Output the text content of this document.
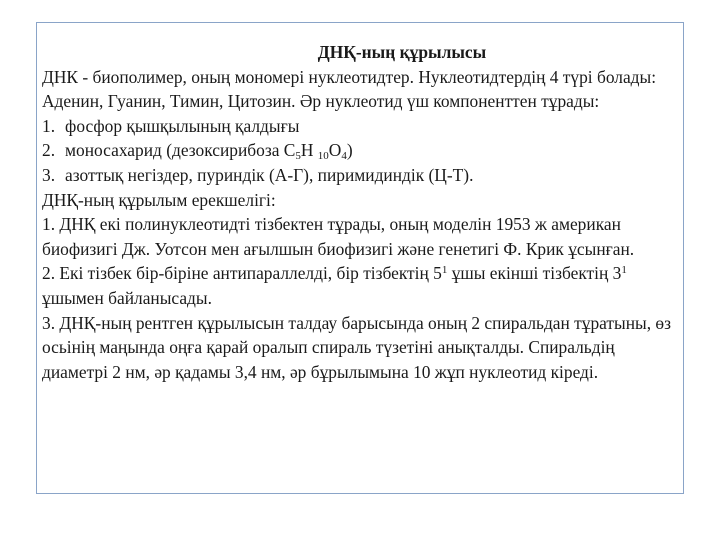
ДНҚ-ның құрылысы

ДНК - биополимер, оның мономері нуклеотидтер. Нуклеотидтердің 4 түрі болады: Аденин, Гуанин, Тимин, Цитозин. Әр нуклеотид үш компоненттен тұрады:

1. фосфор қышқылының қалдығы
2. моносахарид (дезоксирибоза $С_5Н$ $_{10}О_4$)
3. азоттық негіздер, пуриндік (А-Г), пиримидиндік (Ц-Т).

ДНҚ-ның құрылым ерекшелігі:

1. ДНҚ екі полинуклеотидті тізбектен тұрады, оның моделін 1953 ж американ биофизигі Дж. Уотсон мен ағылшын биофизигі және генетигі Ф. Крик ұсынған.

2. Екі тізбек бір-біріне антипараллелді, бір тізбектің $5^1$ ұшы екінші тізбектің $3^1$ ұшымен байланысады.

3. ДНҚ-ның рентген құрылысын талдау барысында оның 2 спиральдан тұратыны, өз осьінің маңында оңға қарай оралып спираль түзетіні анықталды. Спиральдің диаметрі 2 нм, әр қадамы 3,4 нм, әр бұрылымына 10 жұп нуклеотид кіреді.
